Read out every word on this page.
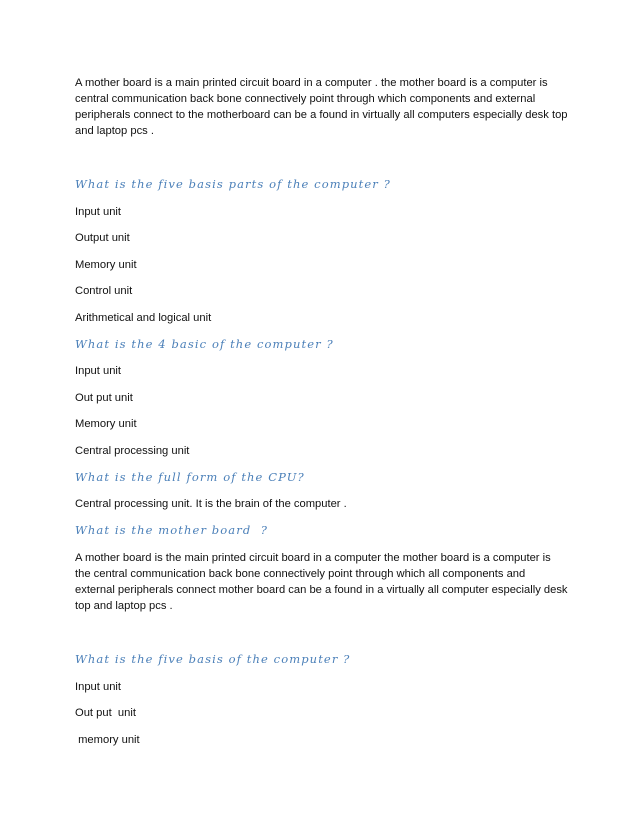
A mother board is a main printed circuit board in a computer . the mother board is a computer is central communication back bone connectively point through which components and external peripherals connect to the motherboard can be a found in virtually all computers especially desk top and laptop pcs .

What is the five basis parts of the computer ?

Input unit

Output unit

Memory unit

Control unit

Arithmetical and logical unit

What is the 4 basic of the computer ?

Input unit

Out put unit

Memory unit

Central processing unit

What is the full form of the CPU?

Central processing unit. It is the brain of the computer .

What is the mother board  ?

A mother board is the main printed circuit board in a computer the mother board is a computer is the central communication back bone connectively point through which all components and external peripherals connect mother board can be a found in a virtually all computer especially desk top and laptop pcs .

What is the five basis of the computer ?

Input unit

Out put  unit

memory unit
